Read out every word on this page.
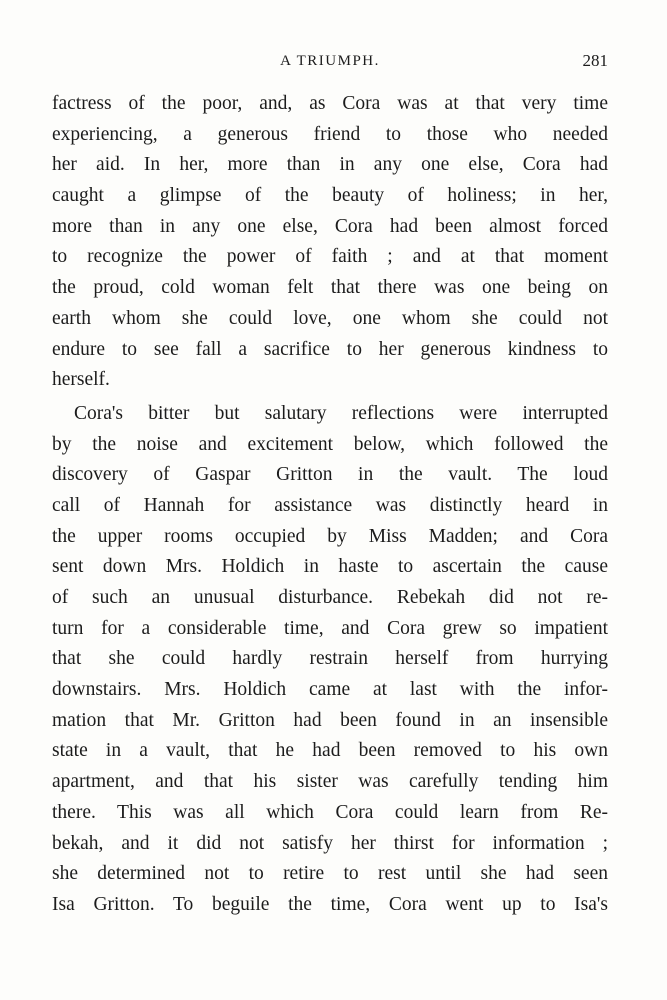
A TRIUMPH.	281
factress of the poor, and, as Cora was at that very time
experiencing, a generous friend to those who needed
her aid. In her, more than in any one else, Cora had
caught a glimpse of the beauty of holiness; in her,
more than in any one else, Cora had been almost forced
to recognize the power of faith ; and at that moment
the proud, cold woman felt that there was one being on
earth whom she could love, one whom she could not
endure to see fall a sacrifice to her generous kindness to
herself.
Cora's bitter but salutary reflections were interrupted
by the noise and excitement below, which followed the
discovery of Gaspar Gritton in the vault. The loud
call of Hannah for assistance was distinctly heard in
the upper rooms occupied by Miss Madden; and Cora
sent down Mrs. Holdich in haste to ascertain the cause
of such an unusual disturbance. Rebekah did not re-
turn for a considerable time, and Cora grew so impatient
that she could hardly restrain herself from hurrying
downstairs. Mrs. Holdich came at last with the infor-
mation that Mr. Gritton had been found in an insensible
state in a vault, that he had been removed to his own
apartment, and that his sister was carefully tending him
there. This was all which Cora could learn from Re-
bekah, and it did not satisfy her thirst for information ;
she determined not to retire to rest until she had seen
Isa Gritton. To beguile the time, Cora went up to Isa's
